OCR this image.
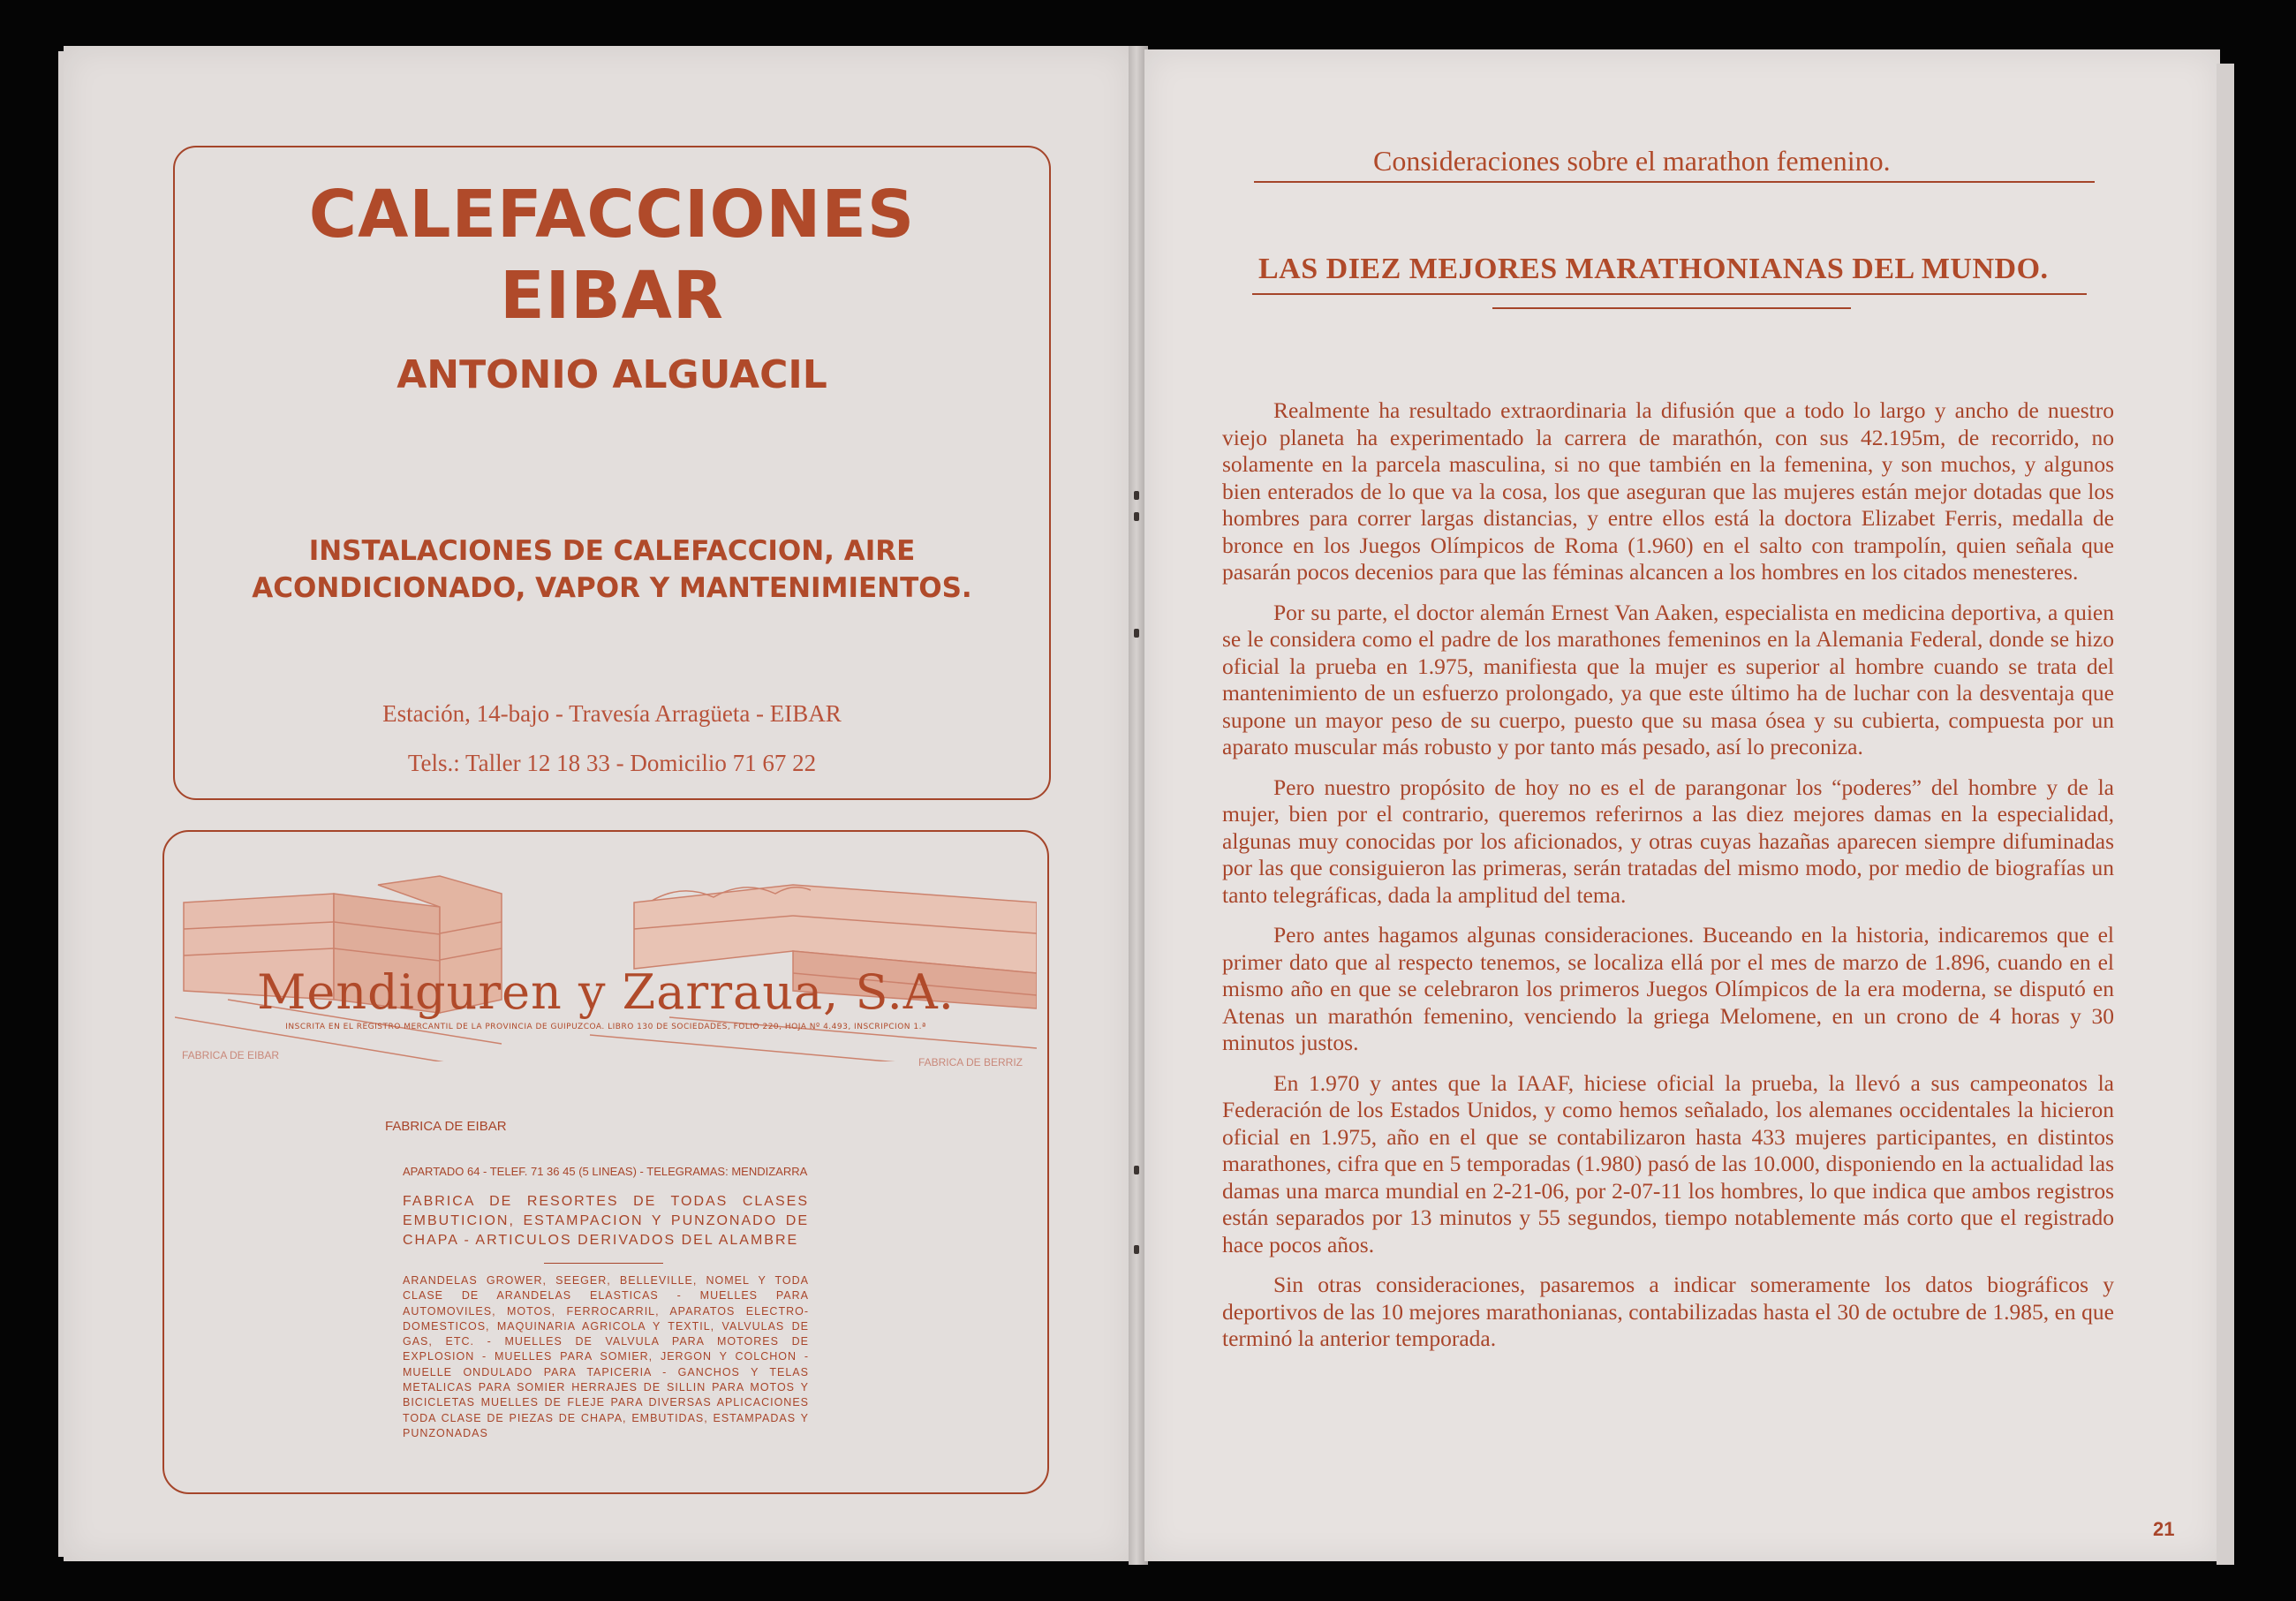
CALEFACCIONES
EIBAR
ANTONIO ALGUACIL
INSTALACIONES DE CALEFACCION, AIRE
ACONDICIONADO, VAPOR Y MANTENIMIENTOS.
Estación, 14-bajo - Travesía Arragüeta - EIBAR
Tels.: Taller 12 18 33 - Domicilio 71 67 22
Mendiguren y Zarraua, S.A.
INSCRITA EN EL REGISTRO MERCANTIL DE LA PROVINCIA DE GUIPUZCOA. LIBRO 130 DE SOCIEDADES, FOLIO 220, HOJA Nº 4.493, INSCRIPCION 1.ª
FABRICA DE EIBAR
FABRICA DE BERRIZ
FABRICA DE EIBAR
APARTADO 64 - TELEF. 71 36 45 (5 LINEAS) - TELEGRAMAS: MENDIZARRA
FABRICA DE RESORTES DE TODAS CLASES EMBUTICION, ESTAMPACION Y PUNZONADO DE CHAPA - ARTICULOS DERIVADOS DEL ALAMBRE
ARANDELAS GROWER, SEEGER, BELLEVILLE, NOMEL Y TODA CLASE DE ARANDELAS ELASTICAS - MUELLES PARA AUTOMOVILES, MOTOS, FERROCARRIL, APARATOS ELECTRO-DOMESTICOS, MAQUINARIA AGRICOLA Y TEXTIL, VALVULAS DE GAS, ETC. - MUELLES DE VALVULA PARA MOTORES DE EXPLOSION - MUELLES PARA SOMIER, JERGON Y COLCHON - MUELLE ONDULADO PARA TAPICERIA - GANCHOS Y TELAS METALICAS PARA SOMIER HERRAJES DE SILLIN PARA MOTOS Y BICICLETAS MUELLES DE FLEJE PARA DIVERSAS APLICACIONES TODA CLASE DE PIEZAS DE CHAPA, EMBUTIDAS, ESTAMPADAS Y PUNZONADAS
Consideraciones sobre el marathon femenino.
LAS DIEZ MEJORES MARATHONIANAS DEL MUNDO.

Realmente ha resultado extraordinaria la difusión que a todo lo largo y ancho de nuestro viejo planeta ha experimentado la carrera de marathón, con sus 42.195m, de recorrido, no solamente en la parcela masculina, si no que también en la femenina, y son muchos, y algunos bien enterados de lo que va la cosa, los que aseguran que las mujeres están mejor dotadas que los hombres para correr largas distancias, y entre ellos está la doctora Elizabet Ferris, medalla de bronce en los Juegos Olímpicos de Roma (1.960) en el salto con trampolín, quien señala que pasarán pocos decenios para que las féminas alcancen a los hombres en los citados menesteres.

Por su parte, el doctor alemán Ernest Van Aaken, especialista en medicina deportiva, a quien se le considera como el padre de los marathones femeninos en la Alemania Federal, donde se hizo oficial la prueba en 1.975, manifiesta que la mujer es superior al hombre cuando se trata del mantenimiento de un esfuerzo prolongado, ya que este último ha de luchar con la desventaja que supone un mayor peso de su cuerpo, puesto que su masa ósea y su cubierta, compuesta por un aparato muscular más robusto y por tanto más pesado, así lo preconiza.

Pero nuestro propósito de hoy no es el de parangonar los “poderes” del hombre y de la mujer, bien por el contrario, queremos referirnos a las diez mejores damas en la especialidad, algunas muy conocidas por los aficionados, y otras cuyas hazañas aparecen siempre difuminadas por las que consiguieron las primeras, serán tratadas del mismo modo, por medio de biografías un tanto telegráficas, dada la amplitud del tema.

Pero antes hagamos algunas consideraciones. Buceando en la historia, indicaremos que el primer dato que al respecto tenemos, se localiza ellá por el mes de marzo de 1.896, cuando en el mismo año en que se celebraron los primeros Juegos Olímpicos de la era moderna, se disputó en Atenas un marathón femenino, venciendo la griega Melomene, en un crono de 4 horas y 30 minutos justos.

En 1.970 y antes que la IAAF, hiciese oficial la prueba, la llevó a sus campeonatos la Federación de los Estados Unidos, y como hemos señalado, los alemanes occidentales la hicieron oficial en 1.975, año en el que se contabilizaron hasta 433 mujeres participantes, en distintos marathones, cifra que en 5 temporadas (1.980) pasó de las 10.000, disponiendo en la actualidad las damas una marca mundial en 2-21-06, por 2-07-11 los hombres, lo que indica que ambos registros están separados por 13 minutos y 55 segundos, tiempo notablemente más corto que el registrado hace pocos años.

Sin otras consideraciones, pasaremos a indicar someramente los datos biográficos y deportivos de las 10 mejores marathonianas, contabilizadas hasta el 30 de octubre de 1.985, en que terminó la anterior temporada.

21
